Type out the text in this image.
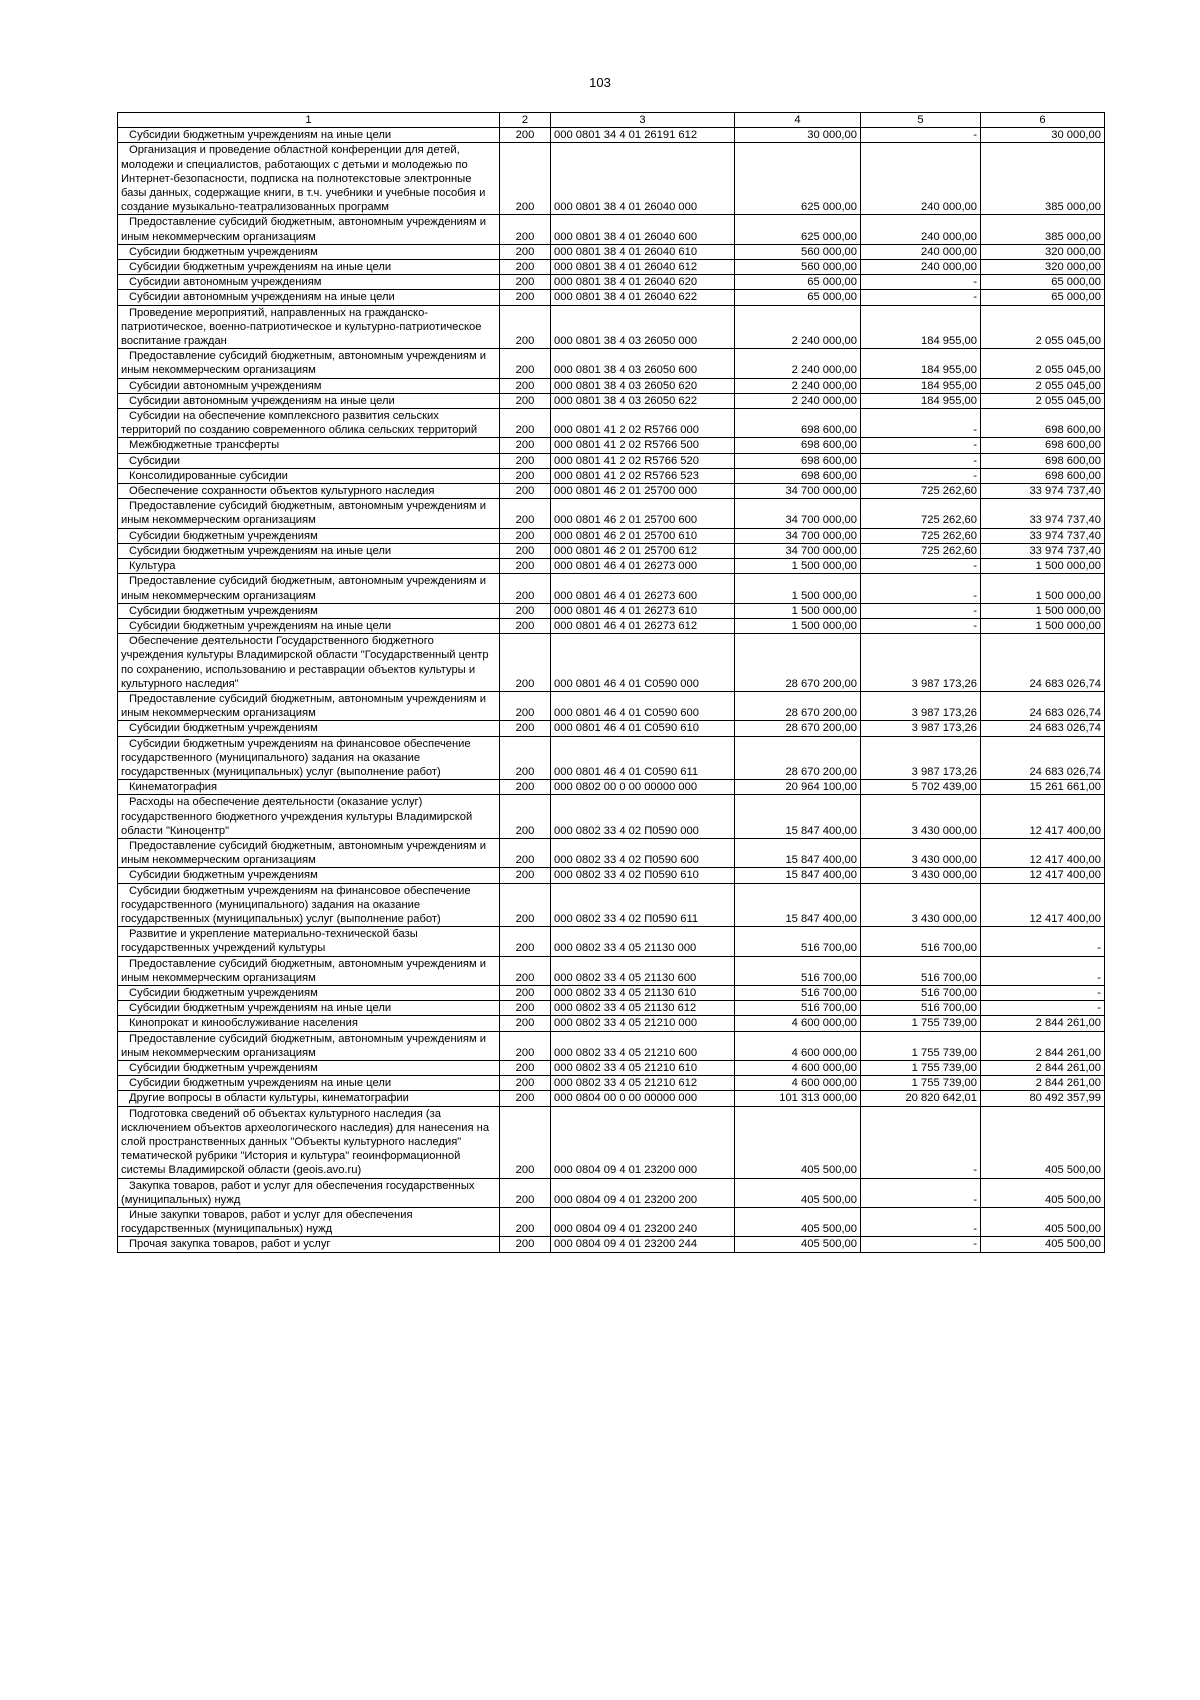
103
1	2	3	4	5	6
Субсидии бюджетным учреждениям на иные цели	200	000 0801 34 4 01 26191 612	30 000,00	-	30 000,00
Организация и проведение областной конференции для детей, молодежи и специалистов, работающих с детьми и молодежью по Интернет-безопасности, подписка на полнотекстовые электронные базы данных, содержащие книги, в т.ч. учебники и учебные пособия и создание музыкально-театрализованных программ	200	000 0801 38 4 01 26040 000	625 000,00	240 000,00	385 000,00
Предоставление субсидий бюджетным, автономным учреждениям и иным некоммерческим организациям	200	000 0801 38 4 01 26040 600	625 000,00	240 000,00	385 000,00
Субсидии бюджетным учреждениям	200	000 0801 38 4 01 26040 610	560 000,00	240 000,00	320 000,00
Субсидии бюджетным учреждениям на иные цели	200	000 0801 38 4 01 26040 612	560 000,00	240 000,00	320 000,00
Субсидии автономным учреждениям	200	000 0801 38 4 01 26040 620	65 000,00	-	65 000,00
Субсидии автономным учреждениям на иные цели	200	000 0801 38 4 01 26040 622	65 000,00	-	65 000,00
Проведение мероприятий, направленных на гражданско-патриотическое, военно-патриотическое и культурно-патриотическое воспитание граждан	200	000 0801 38 4 03 26050 000	2 240 000,00	184 955,00	2 055 045,00
Предоставление субсидий бюджетным, автономным учреждениям и иным некоммерческим организациям	200	000 0801 38 4 03 26050 600	2 240 000,00	184 955,00	2 055 045,00
Субсидии автономным учреждениям	200	000 0801 38 4 03 26050 620	2 240 000,00	184 955,00	2 055 045,00
Субсидии автономным учреждениям на иные цели	200	000 0801 38 4 03 26050 622	2 240 000,00	184 955,00	2 055 045,00
Субсидии на обеспечение комплексного развития сельских территорий по созданию современного облика сельских территорий	200	000 0801 41 2 02 R5766 000	698 600,00	-	698 600,00
Межбюджетные трансферты	200	000 0801 41 2 02 R5766 500	698 600,00	-	698 600,00
Субсидии	200	000 0801 41 2 02 R5766 520	698 600,00	-	698 600,00
Консолидированные субсидии	200	000 0801 41 2 02 R5766 523	698 600,00	-	698 600,00
Обеспечение сохранности объектов культурного наследия	200	000 0801 46 2 01 25700 000	34 700 000,00	725 262,60	33 974 737,40
Предоставление субсидий бюджетным, автономным учреждениям и иным некоммерческим организациям	200	000 0801 46 2 01 25700 600	34 700 000,00	725 262,60	33 974 737,40
Субсидии бюджетным учреждениям	200	000 0801 46 2 01 25700 610	34 700 000,00	725 262,60	33 974 737,40
Субсидии бюджетным учреждениям на иные цели	200	000 0801 46 2 01 25700 612	34 700 000,00	725 262,60	33 974 737,40
Культура	200	000 0801 46 4 01 26273 000	1 500 000,00	-	1 500 000,00
Предоставление субсидий бюджетным, автономным учреждениям и иным некоммерческим организациям	200	000 0801 46 4 01 26273 600	1 500 000,00	-	1 500 000,00
Субсидии бюджетным учреждениям	200	000 0801 46 4 01 26273 610	1 500 000,00	-	1 500 000,00
Субсидии бюджетным учреждениям на иные цели	200	000 0801 46 4 01 26273 612	1 500 000,00	-	1 500 000,00
Обеспечение деятельности Государственного бюджетного учреждения культуры Владимирской области "Государственный центр по сохранению, использованию и реставрации объектов культуры и культурного наследия"	200	000 0801 46 4 01 C0590 000	28 670 200,00	3 987 173,26	24 683 026,74
Предоставление субсидий бюджетным, автономным учреждениям и иным некоммерческим организациям	200	000 0801 46 4 01 C0590 600	28 670 200,00	3 987 173,26	24 683 026,74
Субсидии бюджетным учреждениям	200	000 0801 46 4 01 C0590 610	28 670 200,00	3 987 173,26	24 683 026,74
Субсидии бюджетным учреждениям на финансовое обеспечение государственного (муниципального) задания на оказание государственных (муниципальных) услуг (выполнение работ)	200	000 0801 46 4 01 C0590 611	28 670 200,00	3 987 173,26	24 683 026,74
Кинематография	200	000 0802 00 0 00 00000 000	20 964 100,00	5 702 439,00	15 261 661,00
Расходы на обеспечение деятельности (оказание услуг) государственного бюджетного учреждения культуры Владимирской области "Киноцентр"	200	000 0802 33 4 02 П0590 000	15 847 400,00	3 430 000,00	12 417 400,00
Предоставление субсидий бюджетным, автономным учреждениям и иным некоммерческим организациям	200	000 0802 33 4 02 П0590 600	15 847 400,00	3 430 000,00	12 417 400,00
Субсидии бюджетным учреждениям	200	000 0802 33 4 02 П0590 610	15 847 400,00	3 430 000,00	12 417 400,00
Субсидии бюджетным учреждениям на финансовое обеспечение государственного (муниципального) задания на оказание государственных (муниципальных) услуг (выполнение работ)	200	000 0802 33 4 02 П0590 611	15 847 400,00	3 430 000,00	12 417 400,00
Развитие и укрепление материально-технической базы государственных учреждений культуры	200	000 0802 33 4 05 21130 000	516 700,00	516 700,00	-
Предоставление субсидий бюджетным, автономным учреждениям и иным некоммерческим организациям	200	000 0802 33 4 05 21130 600	516 700,00	516 700,00	-
Субсидии бюджетным учреждениям	200	000 0802 33 4 05 21130 610	516 700,00	516 700,00	-
Субсидии бюджетным учреждениям на иные цели	200	000 0802 33 4 05 21130 612	516 700,00	516 700,00	-
Кинопрокат и кинообслуживание населения	200	000 0802 33 4 05 21210 000	4 600 000,00	1 755 739,00	2 844 261,00
Предоставление субсидий бюджетным, автономным учреждениям и иным некоммерческим организациям	200	000 0802 33 4 05 21210 600	4 600 000,00	1 755 739,00	2 844 261,00
Субсидии бюджетным учреждениям	200	000 0802 33 4 05 21210 610	4 600 000,00	1 755 739,00	2 844 261,00
Субсидии бюджетным учреждениям на иные цели	200	000 0802 33 4 05 21210 612	4 600 000,00	1 755 739,00	2 844 261,00
Другие вопросы в области культуры, кинематографии	200	000 0804 00 0 00 00000 000	101 313 000,00	20 820 642,01	80 492 357,99
Подготовка сведений об объектах культурного наследия (за исключением объектов археологического наследия) для нанесения на слой пространственных данных "Объекты культурного наследия" тематической рубрики "История и культура" геоинформационной системы Владимирской области (geois.avo.ru)	200	000 0804 09 4 01 23200 000	405 500,00	-	405 500,00
Закупка товаров, работ и услуг для обеспечения государственных (муниципальных) нужд	200	000 0804 09 4 01 23200 200	405 500,00	-	405 500,00
Иные закупки товаров, работ и услуг для обеспечения государственных (муниципальных) нужд	200	000 0804 09 4 01 23200 240	405 500,00	-	405 500,00
Прочая закупка товаров, работ и услуг	200	000 0804 09 4 01 23200 244	405 500,00	-	405 500,00
